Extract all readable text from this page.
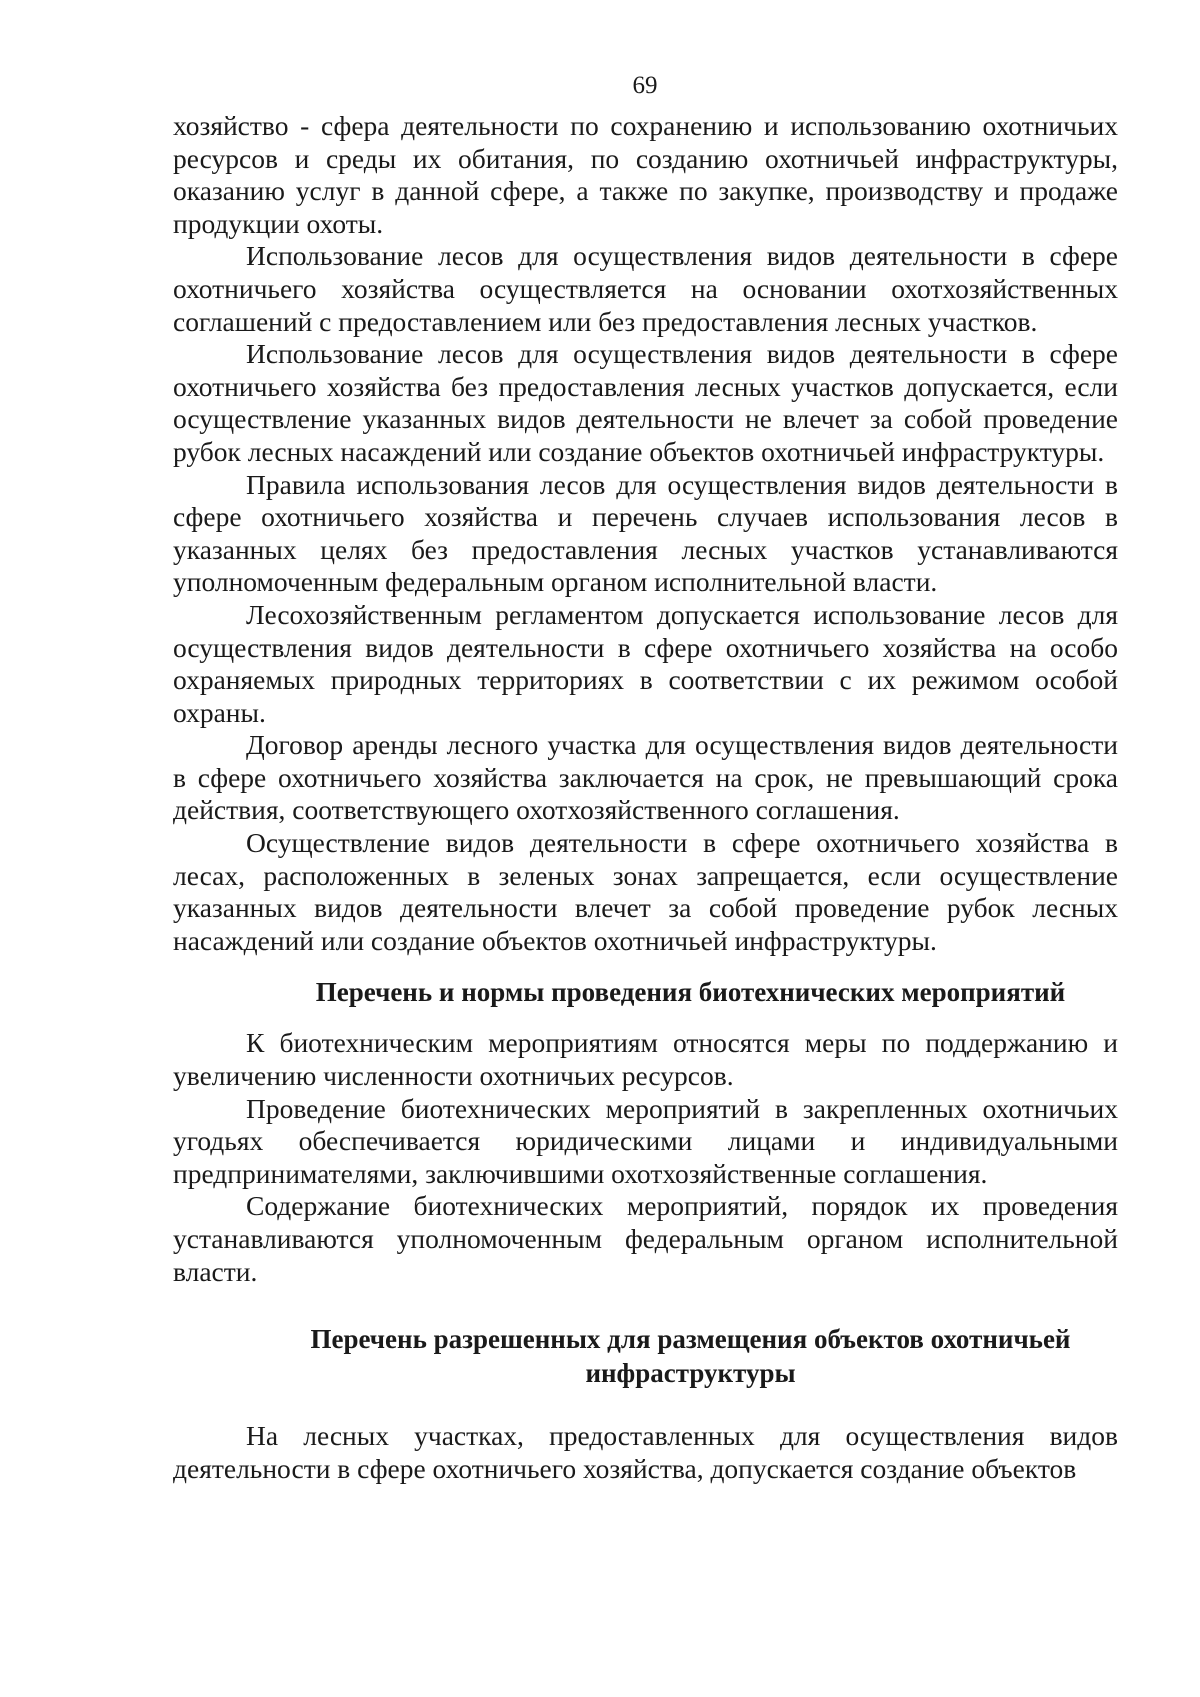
69

хозяйство - сфера деятельности по сохранению и использованию охотничьих ресурсов и среды их обитания, по созданию охотничьей инфраструктуры, оказанию услуг в данной сфере, а также по закупке, производству и продаже продукции охоты.

Использование лесов для осуществления видов деятельности в сфере охотничьего хозяйства осуществляется на основании охотхозяйственных соглашений с предоставлением или без предоставления лесных участков.

Использование лесов для осуществления видов деятельности в сфере охотничьего хозяйства без предоставления лесных участков допускается, если осуществление указанных видов деятельности не влечет за собой проведение рубок лесных насаждений или создание объектов охотничьей инфраструктуры.

Правила использования лесов для осуществления видов деятельности в сфере охотничьего хозяйства и перечень случаев использования лесов в указанных целях без предоставления лесных участков устанавливаются уполномоченным федеральным органом исполнительной власти.

Лесохозяйственным регламентом допускается использование лесов для осуществления видов деятельности в сфере охотничьего хозяйства на особо охраняемых природных территориях в соответствии с их режимом особой охраны.

Договор аренды лесного участка для осуществления видов деятельности в сфере охотничьего хозяйства заключается на срок, не превышающий срока действия, соответствующего охотхозяйственного соглашения.

Осуществление видов деятельности в сфере охотничьего хозяйства в лесах, расположенных в зеленых зонах запрещается, если осуществление указанных видов деятельности влечет за собой проведение рубок лесных насаждений или создание объектов охотничьей инфраструктуры.

Перечень и нормы проведения биотехнических мероприятий

К биотехническим мероприятиям относятся меры по поддержанию и увеличению численности охотничьих ресурсов.

Проведение биотехнических мероприятий в закрепленных охотничьих угодьях обеспечивается юридическими лицами и индивидуальными предпринимателями, заключившими охотхозяйственные соглашения.

Содержание биотехнических мероприятий, порядок их проведения устанавливаются уполномоченным федеральным органом исполнительной власти.

Перечень разрешенных для размещения объектов охотничьей
инфраструктуры

На лесных участках, предоставленных для осуществления видов деятельности в сфере охотничьего хозяйства, допускается создание объектов
